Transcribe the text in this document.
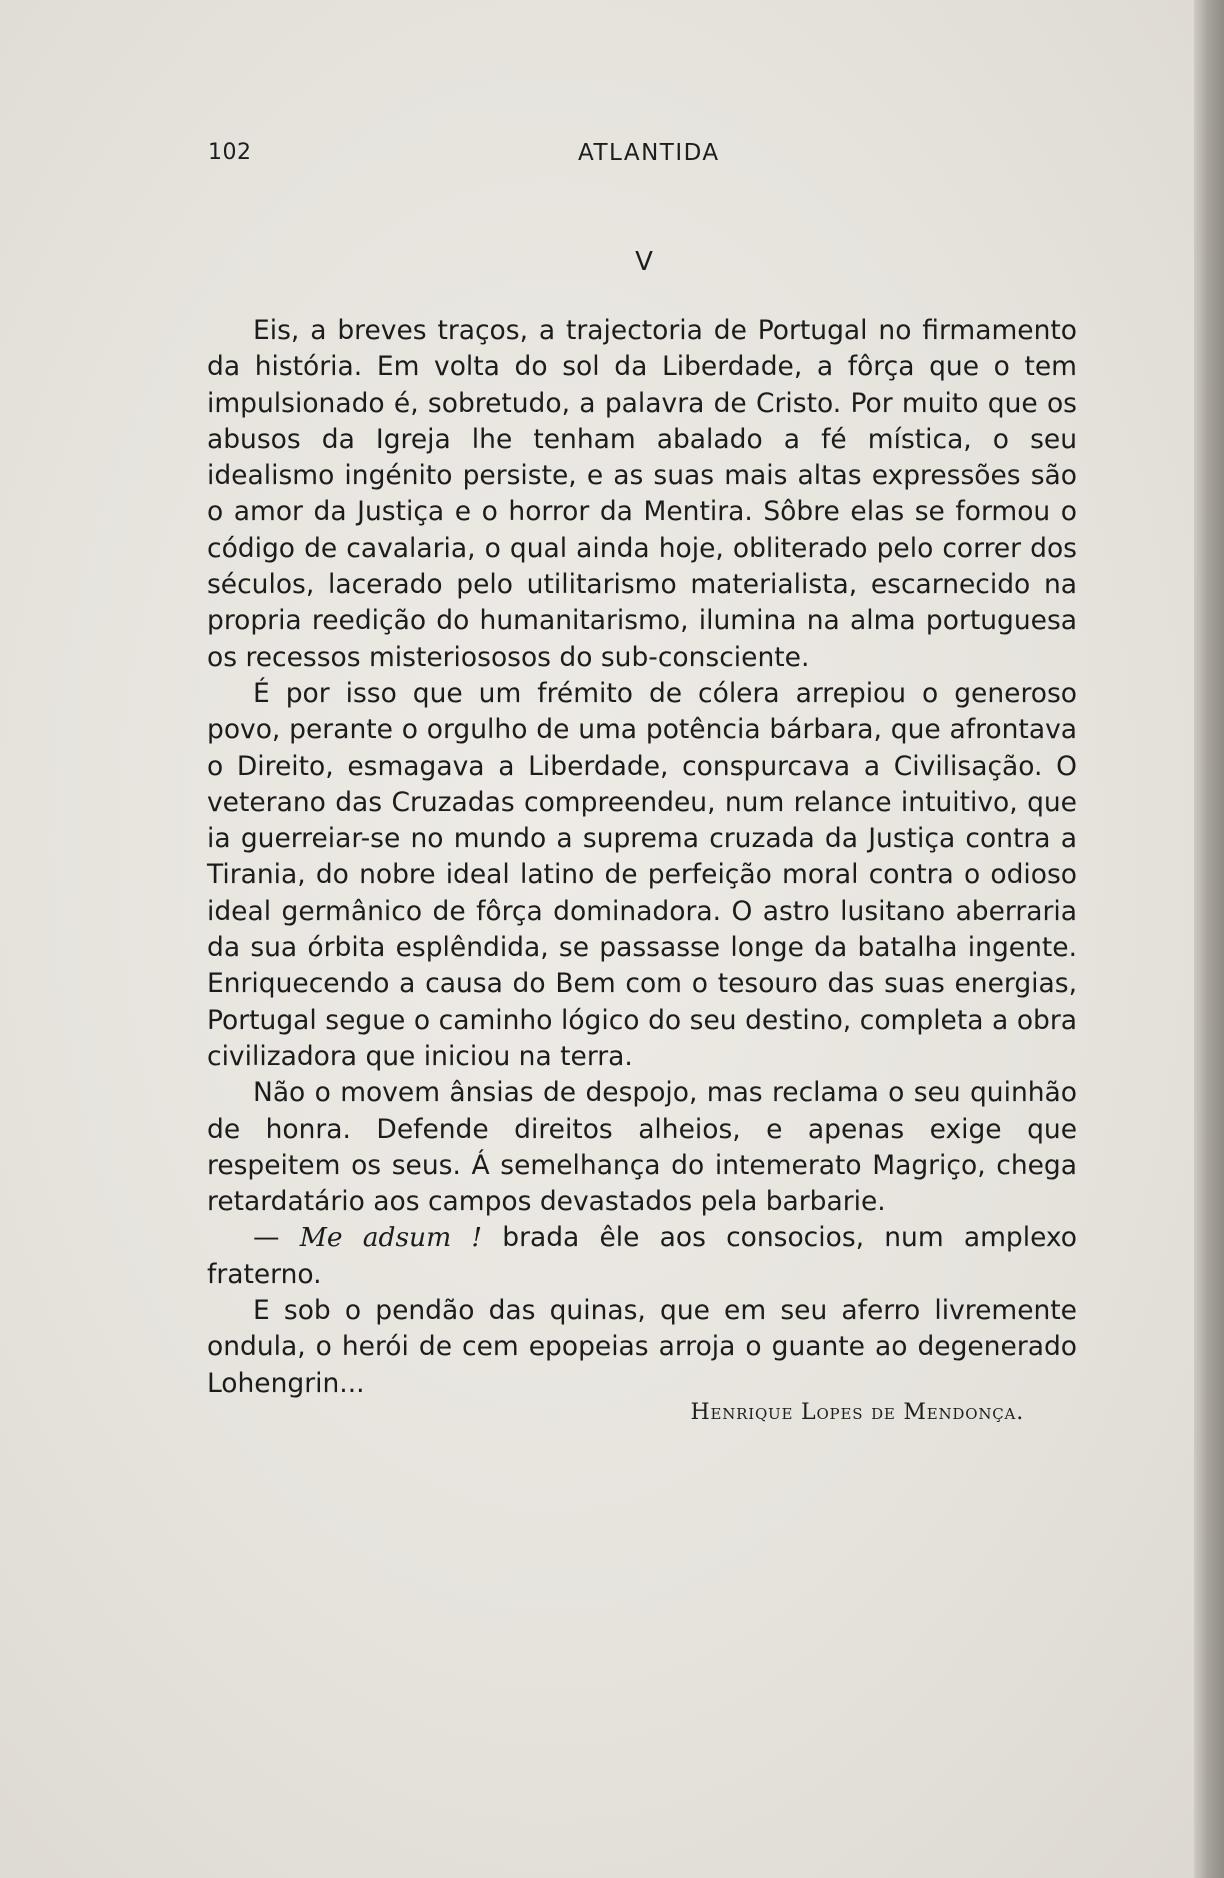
102	ATLANTIDA
V

Eis, a breves traços, a trajectoria de Portugal no firmamento da história. Em volta do sol da Liberdade, a fôrça que o tem impulsionado é, sobretudo, a palavra de Cristo. Por muito que os abusos da Igreja lhe tenham abalado a fé mística, o seu idealismo ingénito persiste, e as suas mais altas expressões são o amor da Justiça e o horror da Mentira. Sôbre elas se formou o código de cavalaria, o qual ainda hoje, obliterado pelo correr dos séculos, lacerado pelo utilitarismo materialista, escarnecido na propria reedição do humanitarismo, ilumina na alma portuguesa os recessos misteriososos do sub-consciente.

É por isso que um frémito de cólera arrepiou o generoso povo, perante o orgulho de uma potência bárbara, que afrontava o Direito, esmagava a Liberdade, conspurcava a Civilisação. O veterano das Cruzadas compreendeu, num relance intuitivo, que ia guerreiar-se no mundo a suprema cruzada da Justiça contra a Tirania, do nobre ideal latino de perfeição moral contra o odioso ideal germânico de fôrça dominadora. O astro lusitano aberraria da sua órbita esplêndida, se passasse longe da batalha ingente. Enriquecendo a causa do Bem com o tesouro das suas energias, Portugal segue o caminho lógico do seu destino, completa a obra civilizadora que iniciou na terra.

Não o movem ânsias de despojo, mas reclama o seu quinhão de honra. Defende direitos alheios, e apenas exige que respeitem os seus. Á semelhança do intemerato Magriço, chega retardatário aos campos devastados pela barbarie.

— Me adsum ! brada êle aos consocios, num amplexo fraterno.

E sob o pendão das quinas, que em seu aferro livremente ondula, o herói de cem epopeias arroja o guante ao degenerado Lohengrin...

Henrique Lopes de Mendonça.
